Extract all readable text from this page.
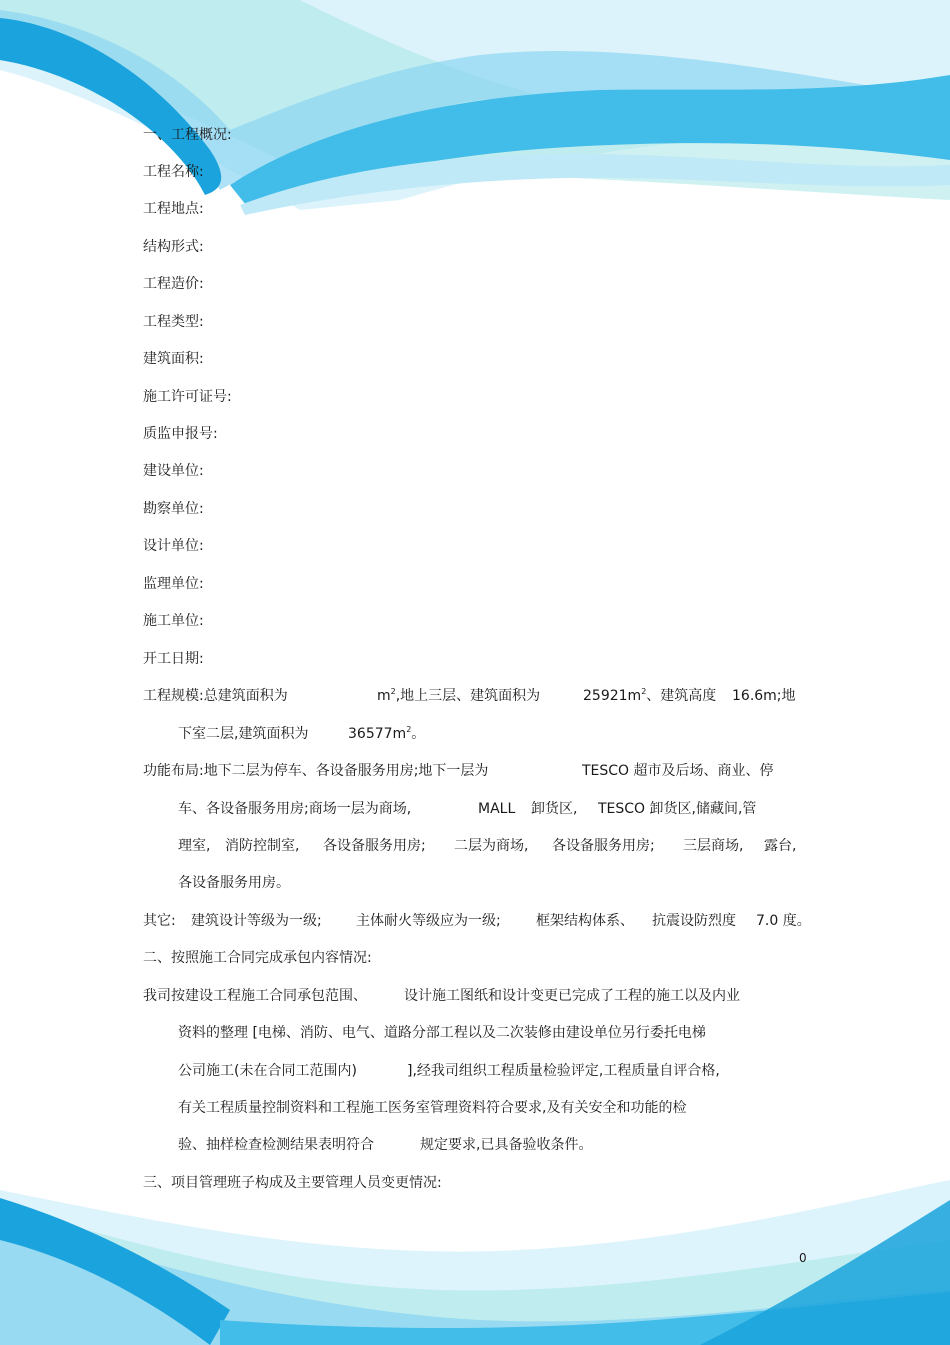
一、工程概况:
工程名称:
工程地点:
结构形式:
工程造价:
工程类型:
建筑面积:
施工许可证号:
质监申报号:
建设单位:
勘察单位:
设计单位:
监理单位:
施工单位:
开工日期:
工程规模:总建筑面积为	$m^2$,地上三层、建筑面积为	$25921m^2$、建筑高度 16.6m;地
下室二层,建筑面积为	$36577m^2$。
功能布局:地下二层为停车、各设备服务用房;地下一层为	TESCO 超市及后场、商业、停
车、各设备服务用房;商场一层为商场,	MALL 卸货区, TESCO 卸货区,储藏间,管
理室, 消防控制室, 各设备服务用房; 二层为商场, 各设备服务用房; 三层商场, 露台,
各设备服务用房。
其它: 建筑设计等级为一级; 主体耐火等级应为一级;	框架结构体系、 抗震设防烈度 7.0 度。
二、按照施工合同完成承包内容情况:
我司按建设工程施工合同承包范围、	设计施工图纸和设计变更已完成了工程的施工以及内业
资料的整理 [电梯、消防、电气、道路分部工程以及二次装修由建设单位另行委托电梯
公司施工(未在合同工范围内)	],经我司组织工程质量检验评定,工程质量自评合格,
有关工程质量控制资料和工程施工医务室管理资料符合要求,及有关安全和功能的检
验、抽样检查检测结果表明符合	规定要求,已具备验收条件。
三、项目管理班子构成及主要管理人员变更情况:
0
